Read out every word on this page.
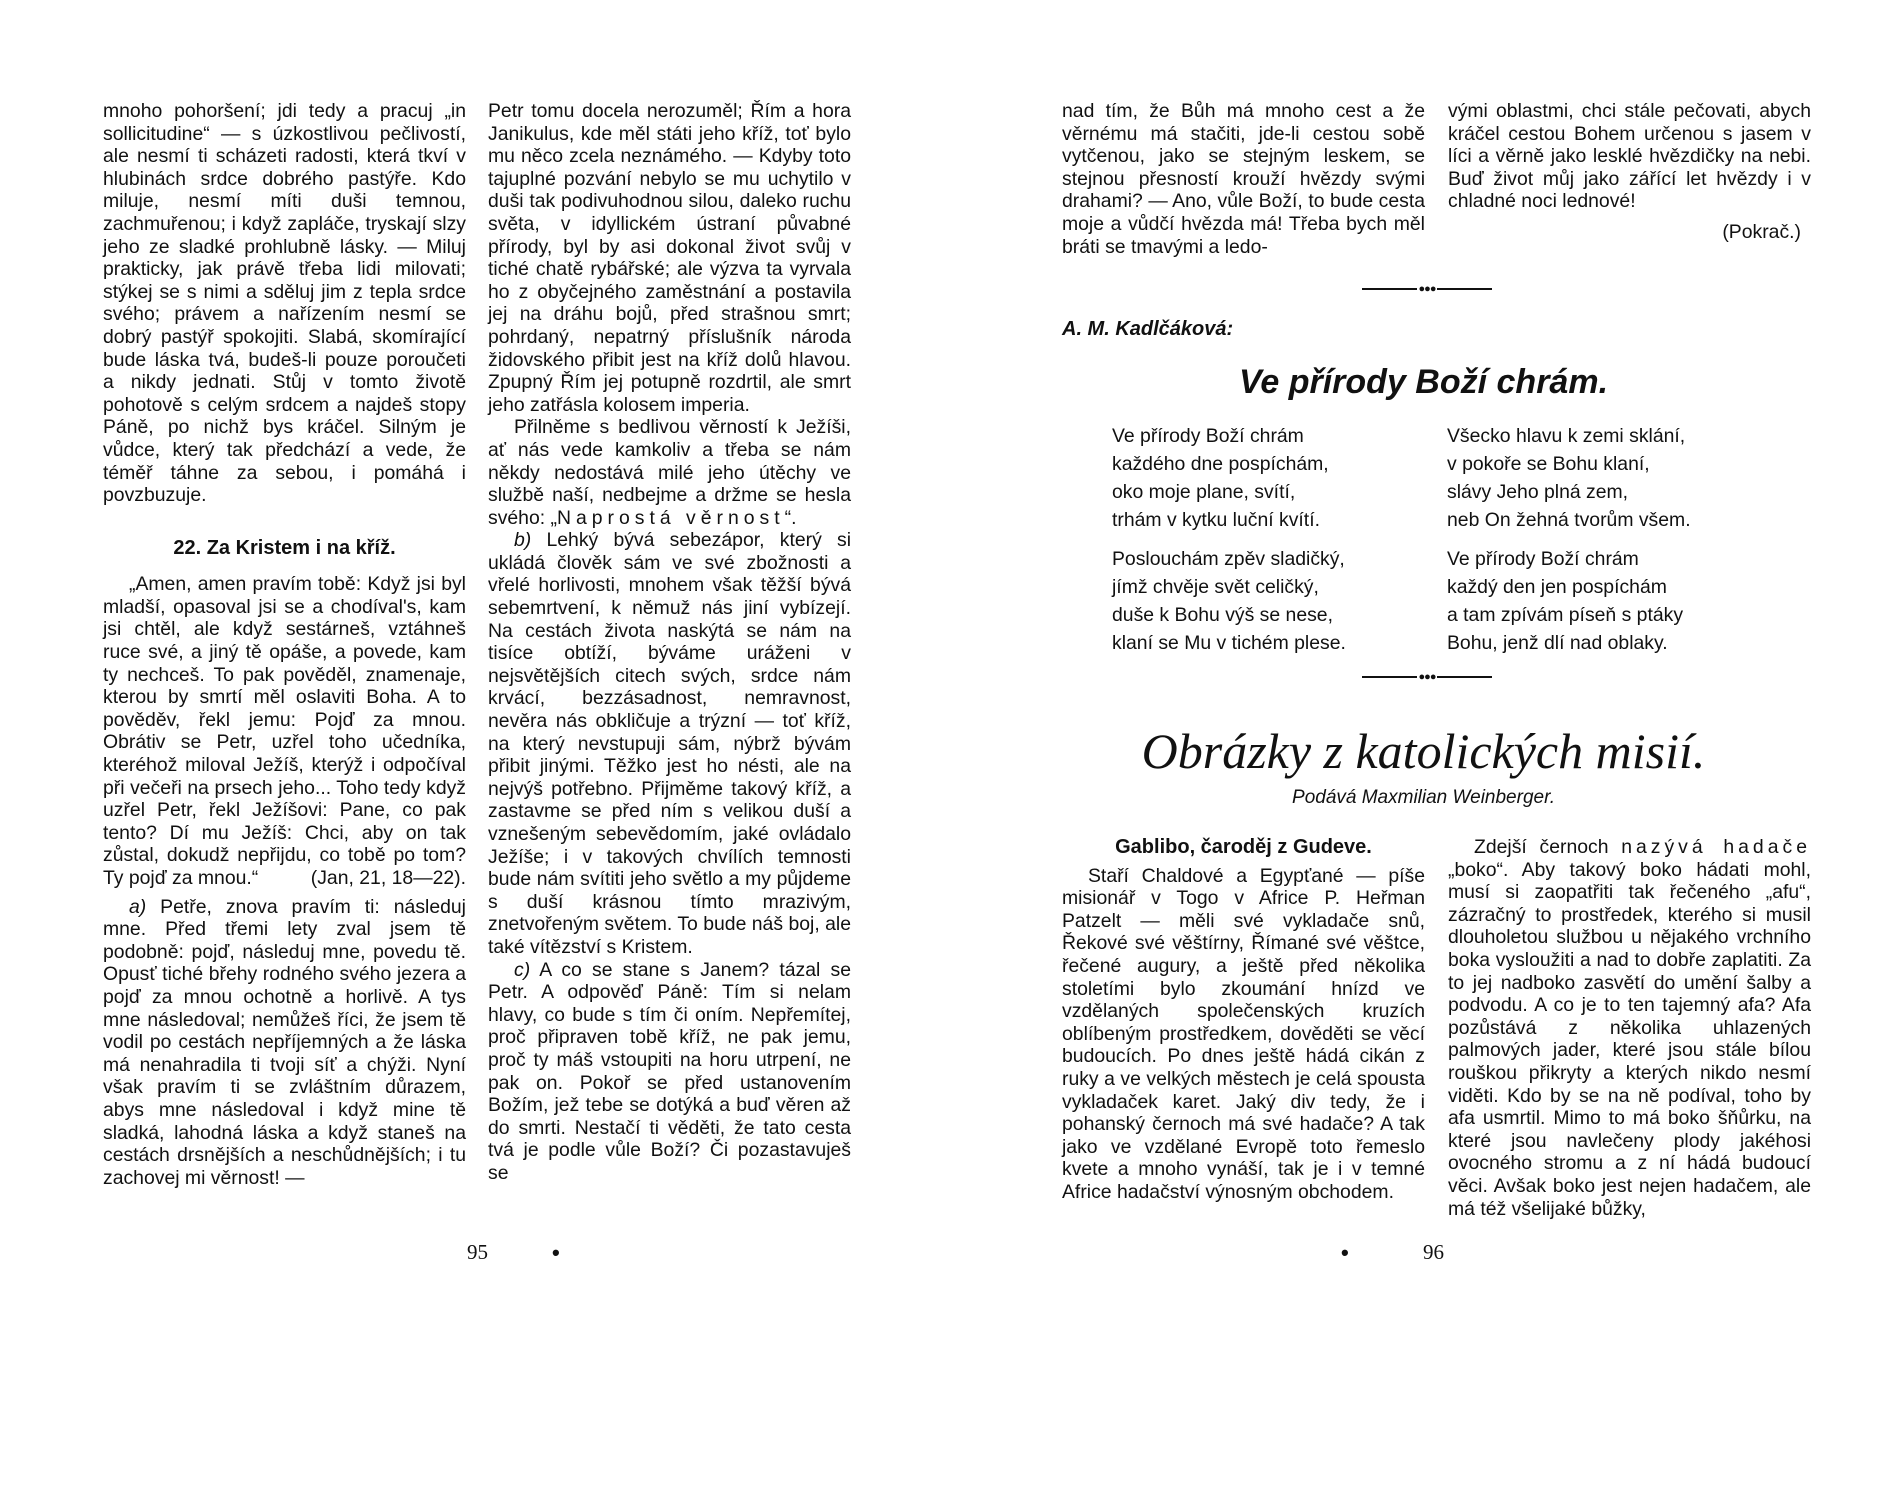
mnoho pohoršení; jdi tedy a pracuj „in sollicitudine“ — s úzkostlivou pečlivostí, ale nesmí ti scházeti radosti, která tkví v hlubinách srdce dobrého pastýře. Kdo miluje, nesmí míti duši temnou, zachmuřenou; i když zapláče, tryskají slzy jeho ze sladké prohlubně lásky. — Miluj prakticky, jak právě třeba lidi milovati; stýkej se s nimi a sděluj jim z tepla srdce svého; právem a nařízením nesmí se dobrý pastýř spokojiti. Slabá, skomírající bude láska tvá, budeš-li pouze poroučeti a nikdy jednati. Stůj v tomto životě pohotově s celým srdcem a najdeš stopy Páně, po nichž bys kráčel. Silným je vůdce, který tak předchází a vede, že téměř táhne za sebou, i pomáhá i povzbuzuje.

22. Za Kristem i na kříž.

„Amen, amen pravím tobě: Když jsi byl mladší, opasoval jsi se a chodíval's, kam jsi chtěl, ale když sestárneš, vztáhneš ruce své, a jiný tě opáše, a povede, kam ty nechceš. To pak pověděl, znamenaje, kterou by smrtí měl oslaviti Boha. A to pověděv, řekl jemu: Pojď za mnou. Obrátiv se Petr, uzřel toho učedníka, kteréhož miloval Ježíš, kterýž i odpočíval při večeři na prsech jeho... Toho tedy když uzřel Petr, řekl Ježíšovi: Pane, co pak tento? Dí mu Ježíš: Chci, aby on tak zůstal, dokudž nepřijdu, co tobě po tom? Ty pojď za mnou.“	(Jan, 21, 18—22).

a) Petře, znova pravím ti: následuj mne. Před třemi lety zval jsem tě podobně: pojď, následuj mne, povedu tě. Opusť tiché břehy rodného svého jezera a pojď za mnou ochotně a horlivě. A tys mne následoval; nemůžeš říci, že jsem tě vodil po cestách nepříjemných a že láska má nenahradila ti tvoji síť a chýži. Nyní však pravím ti se zvláštním důrazem, abys mne následoval i když mine tě sladká, lahodná láska a když staneš na cestách drsnějších a neschůdnějších; i tu zachovej mi věrnost! —

Petr tomu docela nerozuměl; Řím a hora Janikulus, kde měl státi jeho kříž, toť bylo mu něco zcela neznámého. — Kdyby toto tajuplné pozvání nebylo se mu uchytilo v duši tak podivuhodnou silou, daleko ruchu světa, v idyllickém ústraní půvabné přírody, byl by asi dokonal život svůj v tiché chatě rybářské; ale výzva ta vyrvala ho z obyčejného zaměstnání a postavila jej na dráhu bojů, před strašnou smrt; pohrdaný, nepatrný příslušník národa židovského přibit jest na kříž dolů hlavou. Zpupný Řím jej potupně rozdrtil, ale smrt jeho zatřásla kolosem imperia.

Přilněme s bedlivou věrností k Ježíši, ať nás vede kamkoliv a třeba se nám někdy nedostává milé jeho útěchy ve službě naší, nedbejme a držme se hesla svého: „Naprostá věrnost“.

b) Lehký bývá sebezápor, který si ukládá člověk sám ve své zbožnosti a vřelé horlivosti, mnohem však těžší bývá sebemrtvení, k němuž nás jiní vybízejí. Na cestách života naskýtá se nám na tisíce obtíží, býváme uráženi v nejsvětějších citech svých, srdce nám krvácí, bezzásadnost, nemravnost, nevěra nás obkličuje a trýzní — toť kříž, na který nevstupuji sám, nýbrž bývám přibit jinými. Těžko jest ho nésti, ale na nejvýš potřebno. Přijměme takový kříž, a zastavme se před ním s velikou duší a vznešeným sebevědomím, jaké ovládalo Ježíše; i v takových chvílích temnosti bude nám svítiti jeho světlo a my půjdeme s duší krásnou tímto mrazivým, znetvořeným světem. To bude náš boj, ale také vítězství s Kristem.

c) A co se stane s Janem? tázal se Petr. A odpověď Páně: Tím si nelam hlavy, co bude s tím či oním. Nepřemítej, proč připraven tobě kříž, ne pak jemu, proč ty máš vstoupiti na horu utrpení, ne pak on. Pokoř se před ustanovením Božím, jež tebe se dotýká a buď věren až do smrti. Nestačí ti věděti, že tato cesta tvá je podle vůle Boží? Či pozastavuješ se

95	•

nad tím, že Bůh má mnoho cest a že věrnému má stačiti, jde-li cestou sobě vytčenou, jako se stejným leskem, se stejnou přesností krouží hvězdy svými drahami? — Ano, vůle Boží, to bude cesta moje a vůdčí hvězda má! Třeba bych měl bráti se tmavými a ledo-

vými oblastmi, chci stále pečovati, abych kráčel cestou Bohem určenou s jasem v líci a věrně jako lesklé hvězdičky na nebi. Buď život můj jako zářící let hvězdy i v chladné noci lednové!

(Pokrač.)
●●●
A. M. Kadlčáková:
Ve přírody Boží chrám.
Ve přírody Boží chrám
každého dne pospíchám,
oko moje plane, svítí,
trhám v kytku luční kvítí.
Poslouchám zpěv sladičký,
jímž chvěje svět celičký,
duše k Bohu výš se nese,
klaní se Mu v tichém plese.
Všecko hlavu k zemi sklání,
v pokoře se Bohu klaní,
slávy Jeho plná zem,
neb On žehná tvorům všem.
Ve přírody Boží chrám
každý den jen pospíchám
a tam zpívám píseň s ptáky
Bohu, jenž dlí nad oblaky.
●●●
Obrázky z katolických misií.
Podává Maxmilian Weinberger.
Gablibo, čaroděj z Gudeve.

Staří Chaldové a Egypťané — píše misionář v Togo v Africe P. Heřman Patzelt — měli své vykladače snů, Řekové své věštírny, Římané své věštce, řečené augury, a ještě před několika stoletími bylo zkoumání hnízd ve vzdělaných společenských kruzích oblíbeným prostředkem, dověděti se věcí budoucích. Po dnes ještě hádá cikán z ruky a ve velkých městech je celá spousta vykladaček karet. Jaký div tedy, že i pohanský černoch má své hadače? A tak jako ve vzdělané Evropě toto řemeslo kvete a mnoho vynáší, tak je i v temné Africe hadačství výnosným obchodem.

Zdejší černoch nazývá hadače „boko“. Aby takový boko hádati mohl, musí si zaopatřiti tak řečeného „afu“, zázračný to prostředek, kterého si musil dlouholetou službou u nějakého vrchního boka vysloužiti a nad to dobře zaplatiti. Za to jej nadboko zasvětí do umění šalby a podvodu. A co je to ten tajemný afa? Afa pozůstává z několika uhlazených palmových jader, které jsou stále bílou rouškou přikryty a kterých nikdo nesmí viděti. Kdo by se na ně podíval, toho by afa usmrtil. Mimo to má boko šňůrku, na které jsou navlečeny plody jakéhosi ovocného stromu a z ní hádá budoucí věci. Avšak boko jest nejen hadačem, ale má též všelijaké bůžky,

•	96
